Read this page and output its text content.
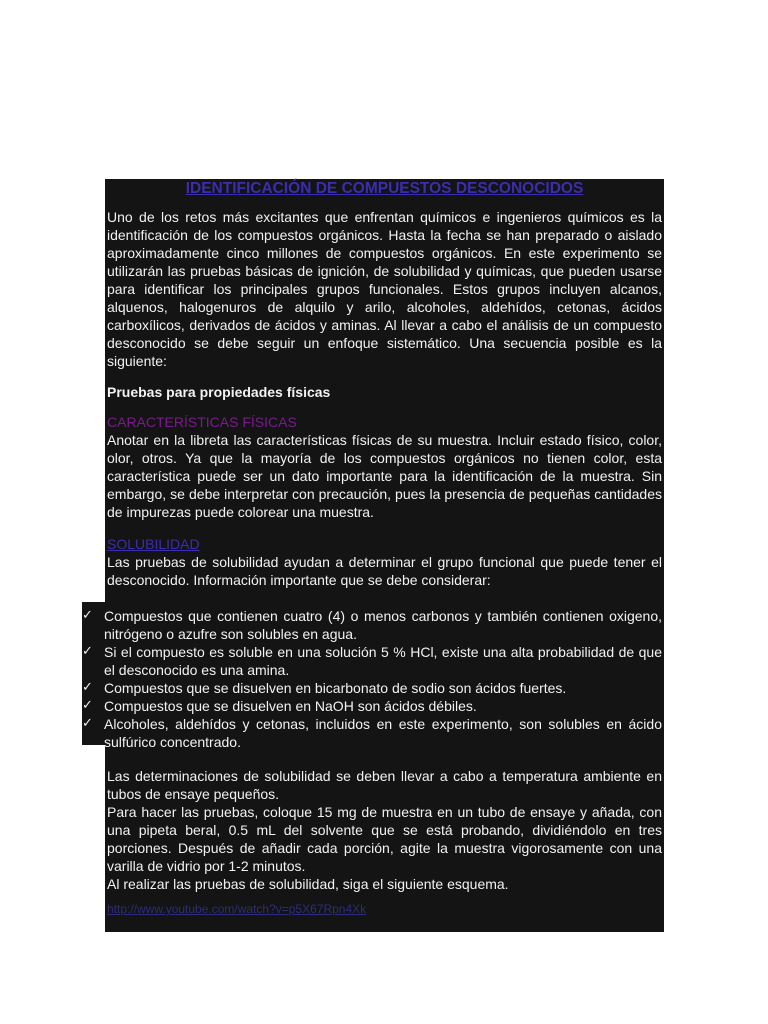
IDENTIFICACIÓN DE COMPUESTOS DESCONOCIDOS

Uno de los retos más excitantes que enfrentan químicos e ingenieros químicos es la identificación de los compuestos orgánicos. Hasta la fecha se han preparado o aislado aproximadamente cinco millones de compuestos orgánicos. En este experimento se utilizarán las pruebas básicas de ignición, de solubilidad y químicas, que pueden usarse para identificar los principales grupos funcionales. Estos grupos incluyen alcanos, alquenos, halogenuros de alquilo y arilo, alcoholes, aldehídos, cetonas, ácidos carboxílicos, derivados de ácidos y aminas. Al llevar a cabo el análisis de un compuesto desconocido se debe seguir un enfoque sistemático. Una secuencia posible es la siguiente:

Pruebas para propiedades físicas

CARACTERÍSTICAS FÍSICAS

Anotar en la libreta las características físicas de su muestra. Incluir estado físico, color, olor, otros. Ya que la mayoría de los compuestos orgánicos no tienen color, esta característica puede ser un dato importante para la identificación de la muestra. Sin embargo, se debe interpretar con precaución, pues la presencia de pequeñas cantidades de impurezas puede colorear una muestra.

SOLUBILIDAD

Las pruebas de solubilidad ayudan a determinar el grupo funcional que puede tener el desconocido. Información importante que se debe considerar:

✓ Compuestos que contienen cuatro (4) o menos carbonos y también contienen oxigeno, nitrógeno o azufre son solubles en agua.
✓ Si el compuesto es soluble en una solución 5 % HCl, existe una alta probabilidad de que el desconocido es una amina.
✓ Compuestos que se disuelven en bicarbonato de sodio son ácidos fuertes.
✓ Compuestos que se disuelven en NaOH son ácidos débiles.
✓ Alcoholes, aldehídos y cetonas, incluidos en este experimento, son solubles en ácido sulfúrico concentrado.

Las determinaciones de solubilidad se deben llevar a cabo a temperatura ambiente en tubos de ensaye pequeños.

Para hacer las pruebas, coloque 15 mg de muestra en un tubo de ensaye y añada, con una pipeta beral, 0.5 mL del solvente que se está probando, dividiéndolo en tres porciones. Después de añadir cada porción, agite la muestra vigorosamente con una varilla de vidrio por 1-2 minutos.

Al realizar las pruebas de solubilidad, siga el siguiente esquema.

http://www.youtube.com/watch?v=p5X67Rpn4Xk
